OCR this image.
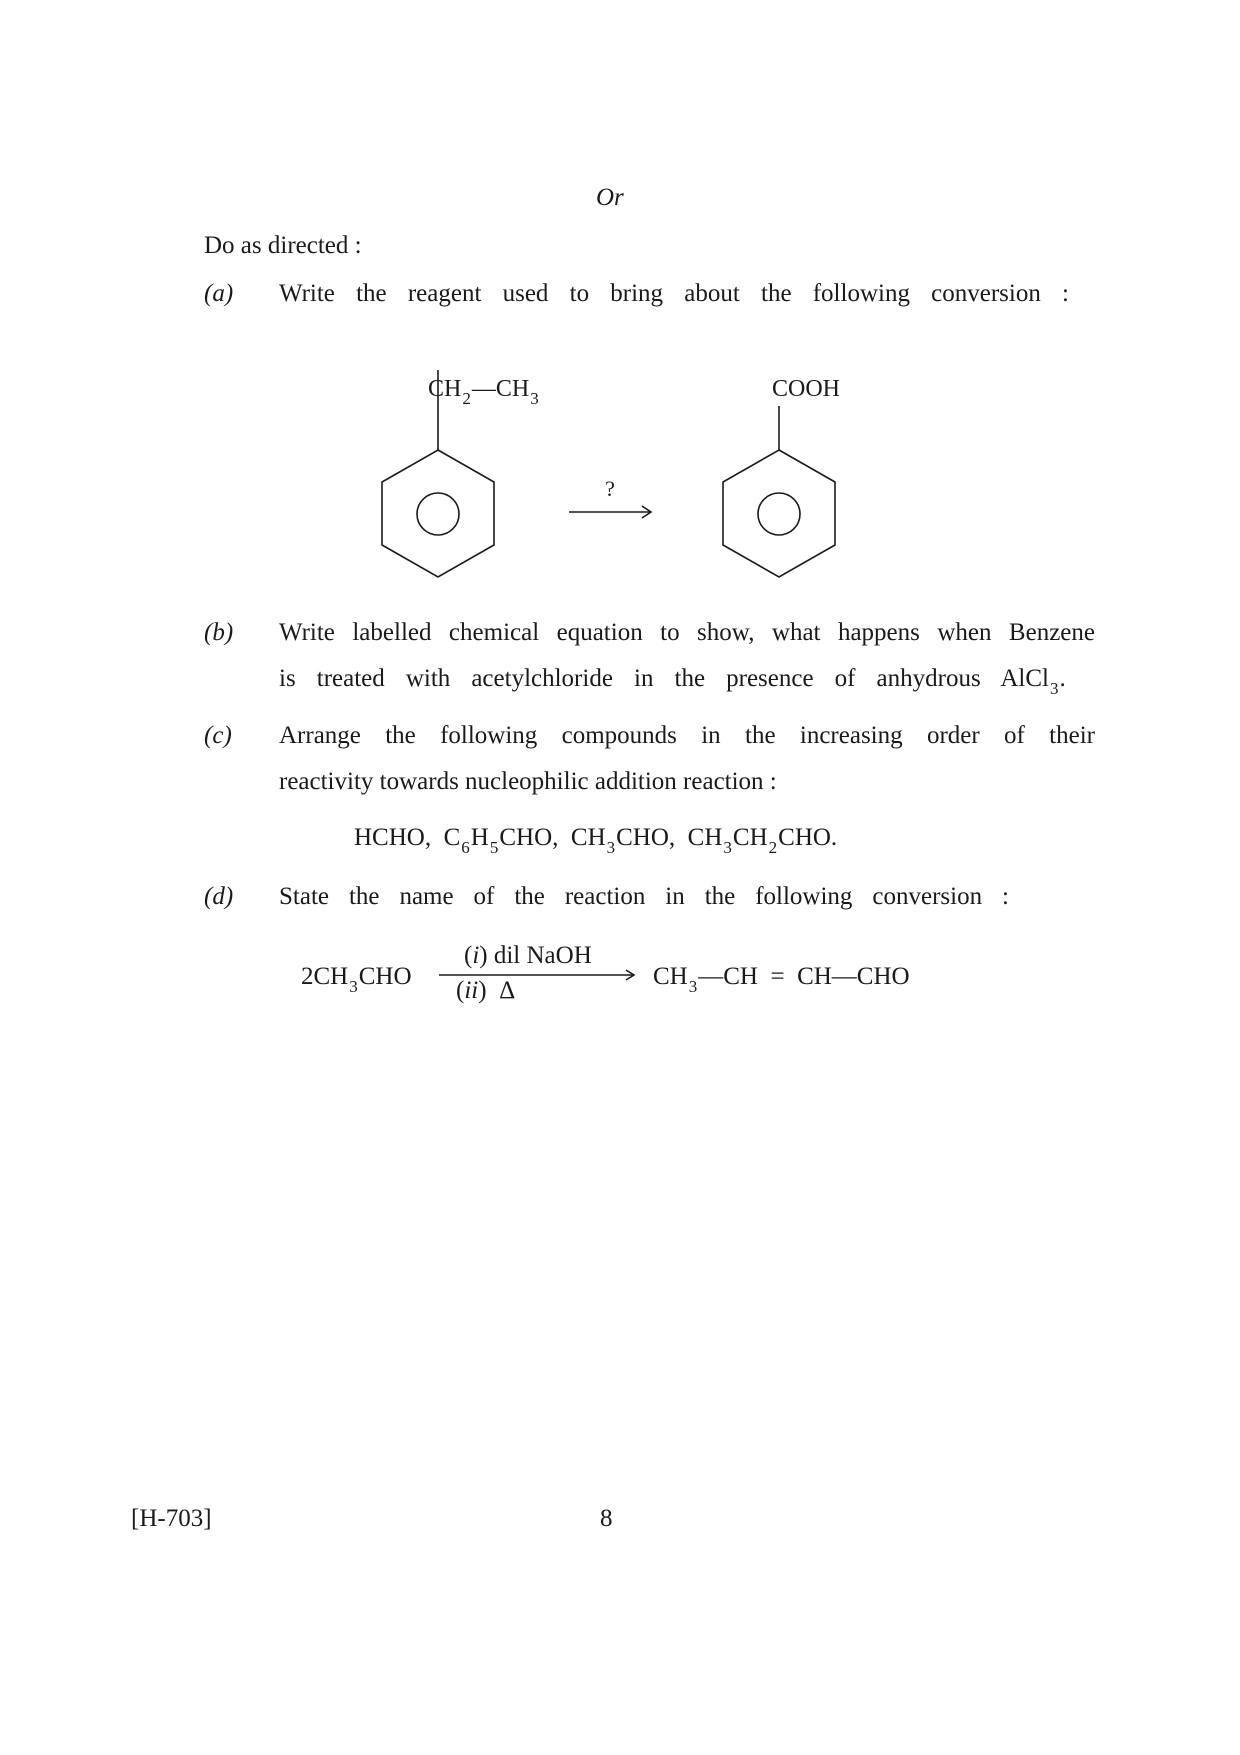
Or
Do as directed :
(a) Write the reagent used to bring about the following conversion :
?
$CH_2—CH_3$	COOH
(b) Write labelled chemical equation to show, what happens when Benzene
is treated with acetylchloride in the presence of anhydrous AlCl$_3$.
(c) Arrange the following compounds in the increasing order of their
reactivity towards nucleophilic addition reaction :
HCHO, $C_6H_5CHO$, $CH_3CHO$, $CH_3CH_2CHO$.
(d) State the name of the reaction in the following conversion :
$2CH_3CHO$
(i) dil NaOH
(ii)  Δ
$CH_3—CH$ = CH—CHO
[H-703]	8
